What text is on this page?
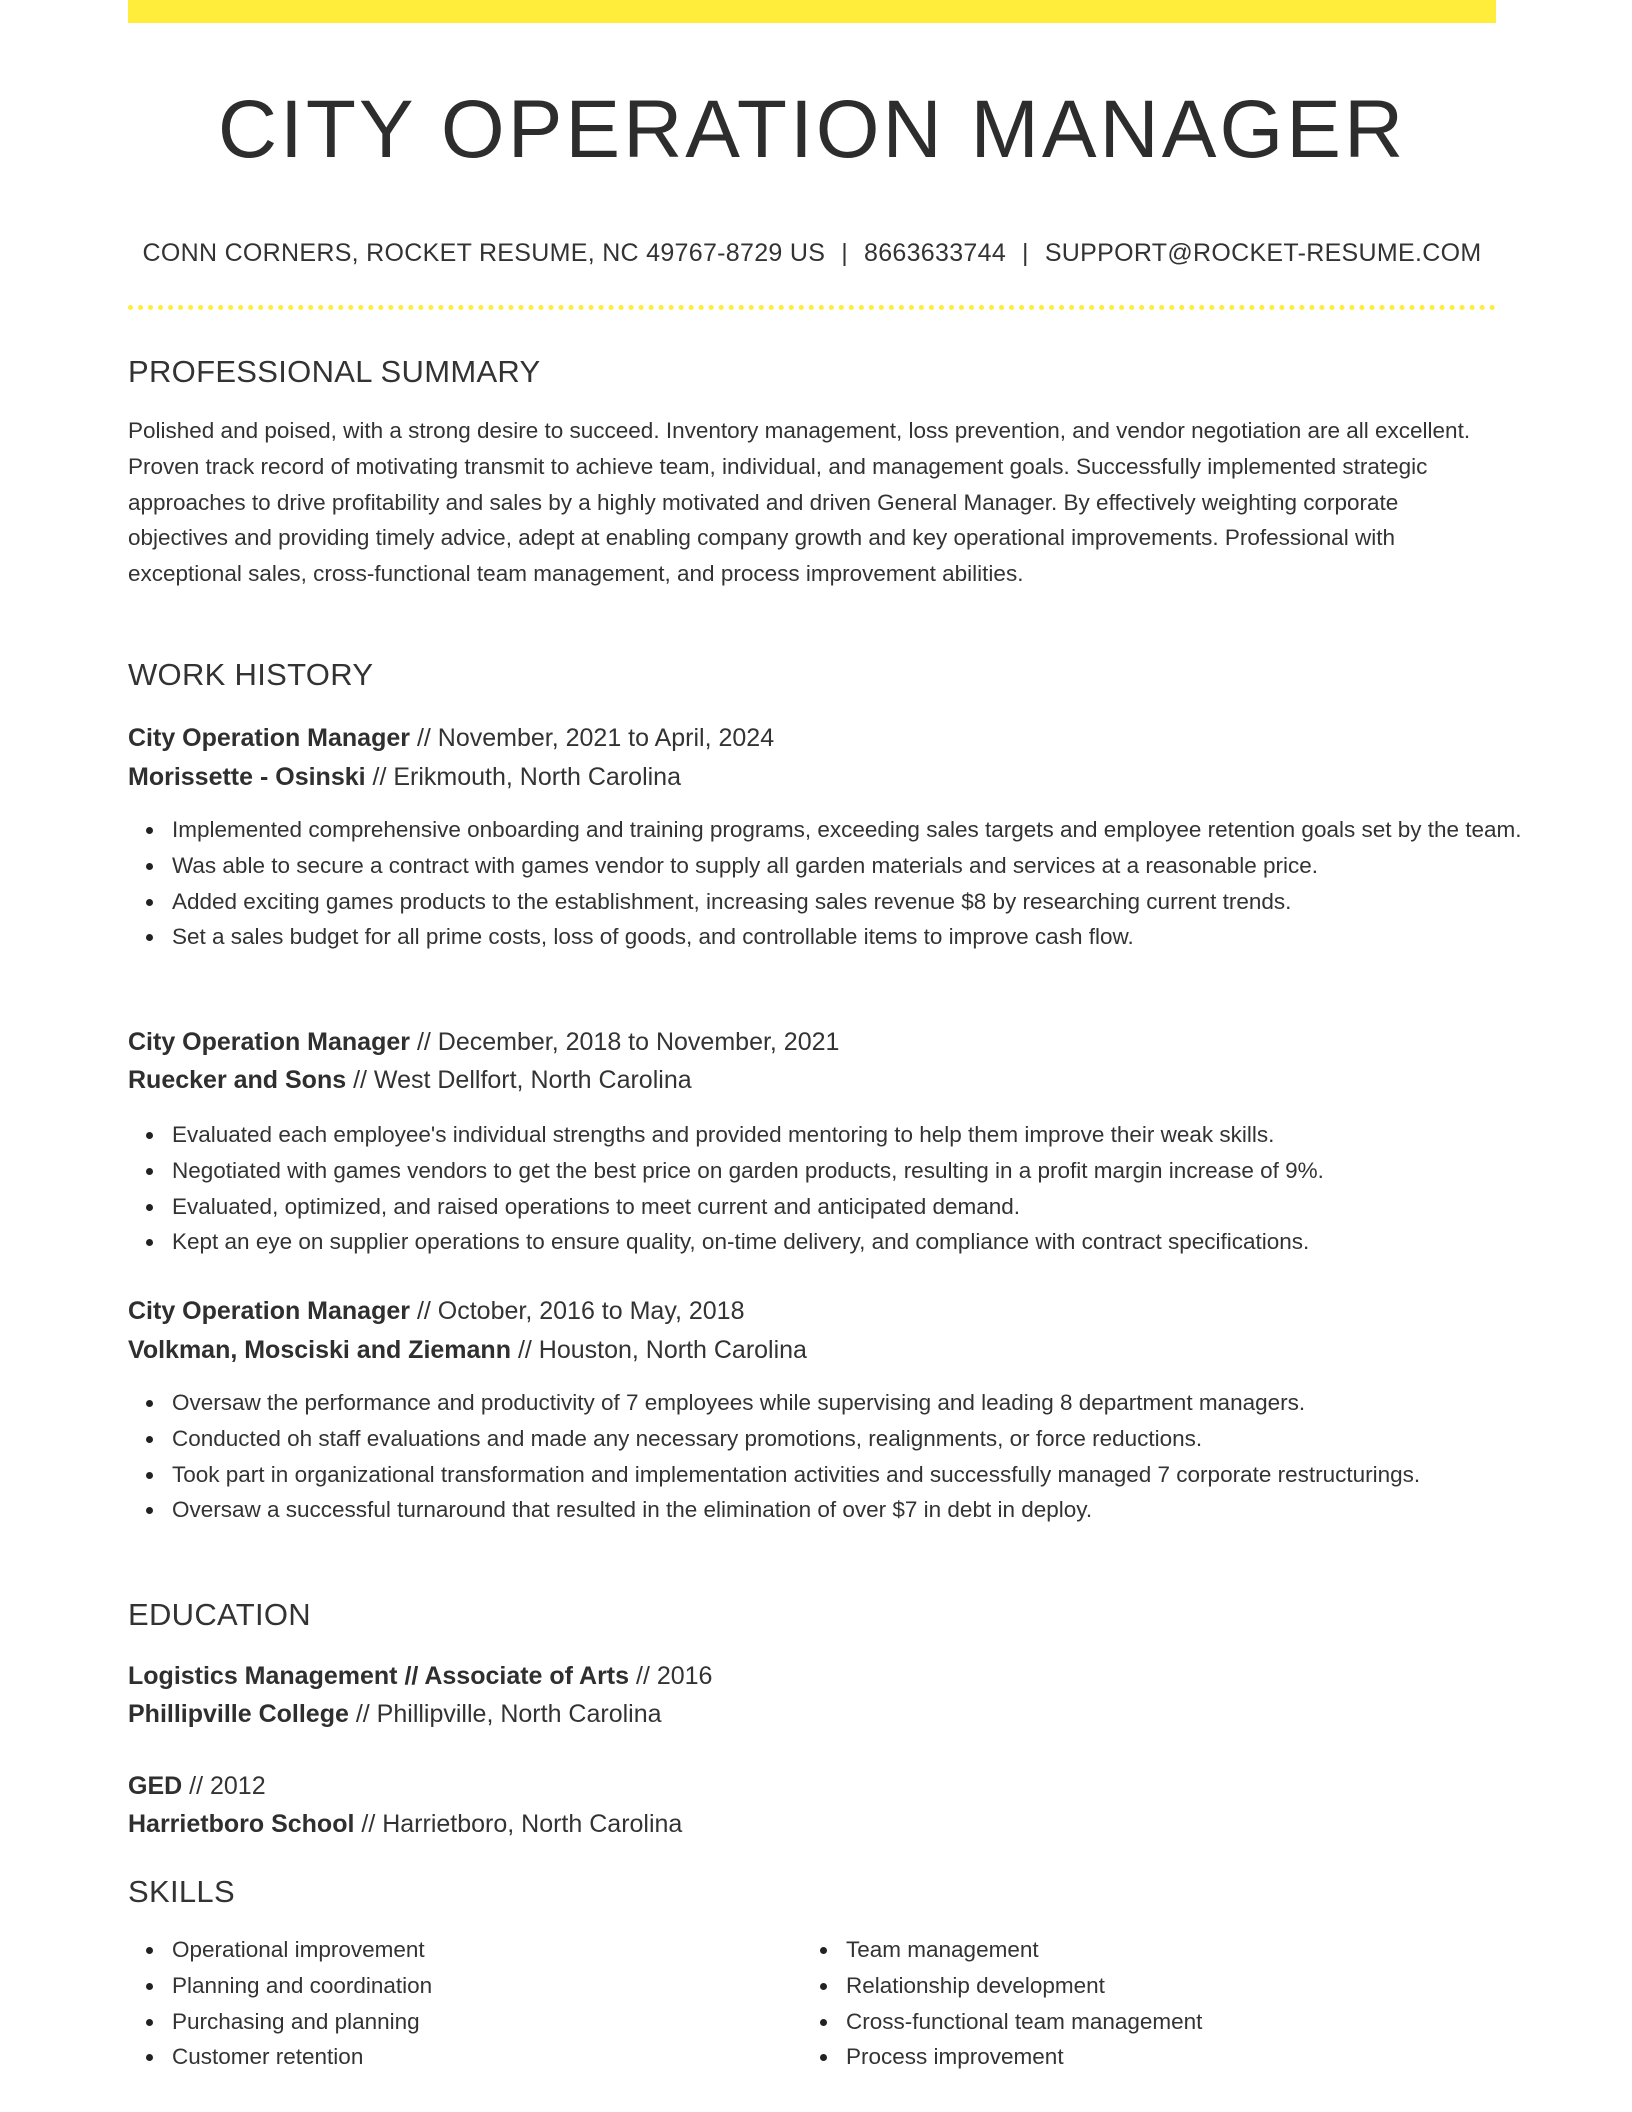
CITY OPERATION MANAGER
CONN CORNERS, ROCKET RESUME, NC 49767-8729 US | 8663633744 | SUPPORT@ROCKET-RESUME.COM
PROFESSIONAL SUMMARY

Polished and poised, with a strong desire to succeed. Inventory management, loss prevention, and vendor negotiation are all excellent. Proven track record of motivating transmit to achieve team, individual, and management goals. Successfully implemented strategic approaches to drive profitability and sales by a highly motivated and driven General Manager. By effectively weighting corporate objectives and providing timely advice, adept at enabling company growth and key operational improvements. Professional with exceptional sales, cross-functional team management, and process improvement abilities.

WORK HISTORY
City Operation Manager // November, 2021 to April, 2024
Morissette - Osinski // Erikmouth, North Carolina
Implemented comprehensive onboarding and training programs, exceeding sales targets and employee retention goals set by the team.
Was able to secure a contract with games vendor to supply all garden materials and services at a reasonable price.
Added exciting games products to the establishment, increasing sales revenue $8 by researching current trends.
Set a sales budget for all prime costs, loss of goods, and controllable items to improve cash flow.
City Operation Manager // December, 2018 to November, 2021
Ruecker and Sons // West Dellfort, North Carolina
Evaluated each employee's individual strengths and provided mentoring to help them improve their weak skills.
Negotiated with games vendors to get the best price on garden products, resulting in a profit margin increase of 9%.
Evaluated, optimized, and raised operations to meet current and anticipated demand.
Kept an eye on supplier operations to ensure quality, on-time delivery, and compliance with contract specifications.
City Operation Manager // October, 2016 to May, 2018
Volkman, Mosciski and Ziemann // Houston, North Carolina
Oversaw the performance and productivity of 7 employees while supervising and leading 8 department managers.
Conducted oh staff evaluations and made any necessary promotions, realignments, or force reductions.
Took part in organizational transformation and implementation activities and successfully managed 7 corporate restructurings.
Oversaw a successful turnaround that resulted in the elimination of over $7 in debt in deploy.
EDUCATION
Logistics Management // Associate of Arts // 2016
Phillipville College // Phillipville, North Carolina
GED // 2012
Harrietboro School // Harrietboro, North Carolina
SKILLS
Operational improvement
Planning and coordination
Purchasing and planning
Customer retention
Team management
Relationship development
Cross-functional team management
Process improvement
